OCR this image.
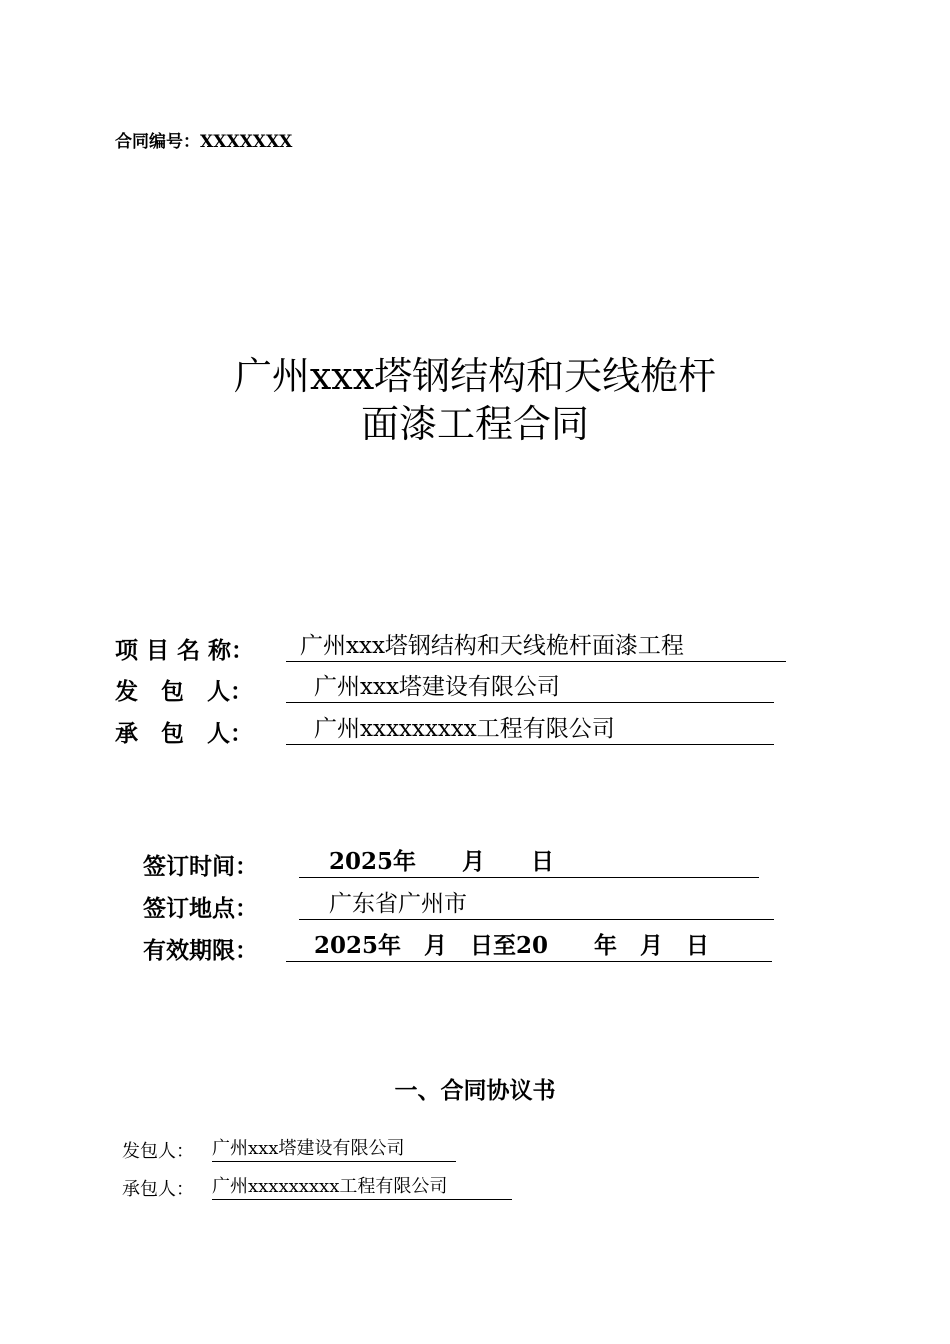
合同编号：XXXXXXX
广州xxx塔钢结构和天线桅杆
面漆工程合同
项 目 名 称：	广州xxx塔钢结构和天线桅杆面漆工程
发　包　人：	广州xxx塔建设有限公司
承　包　人：	广州xxxxxxxxx工程有限公司
签订时间：	2025年　　月　　日
签订地点：	广东省广州市
有效期限：	2025年　月　日至20　　年　月　日
一、合同协议书
发包人： 广州xxx塔建设有限公司
承包人： 广州xxxxxxxxx工程有限公司
